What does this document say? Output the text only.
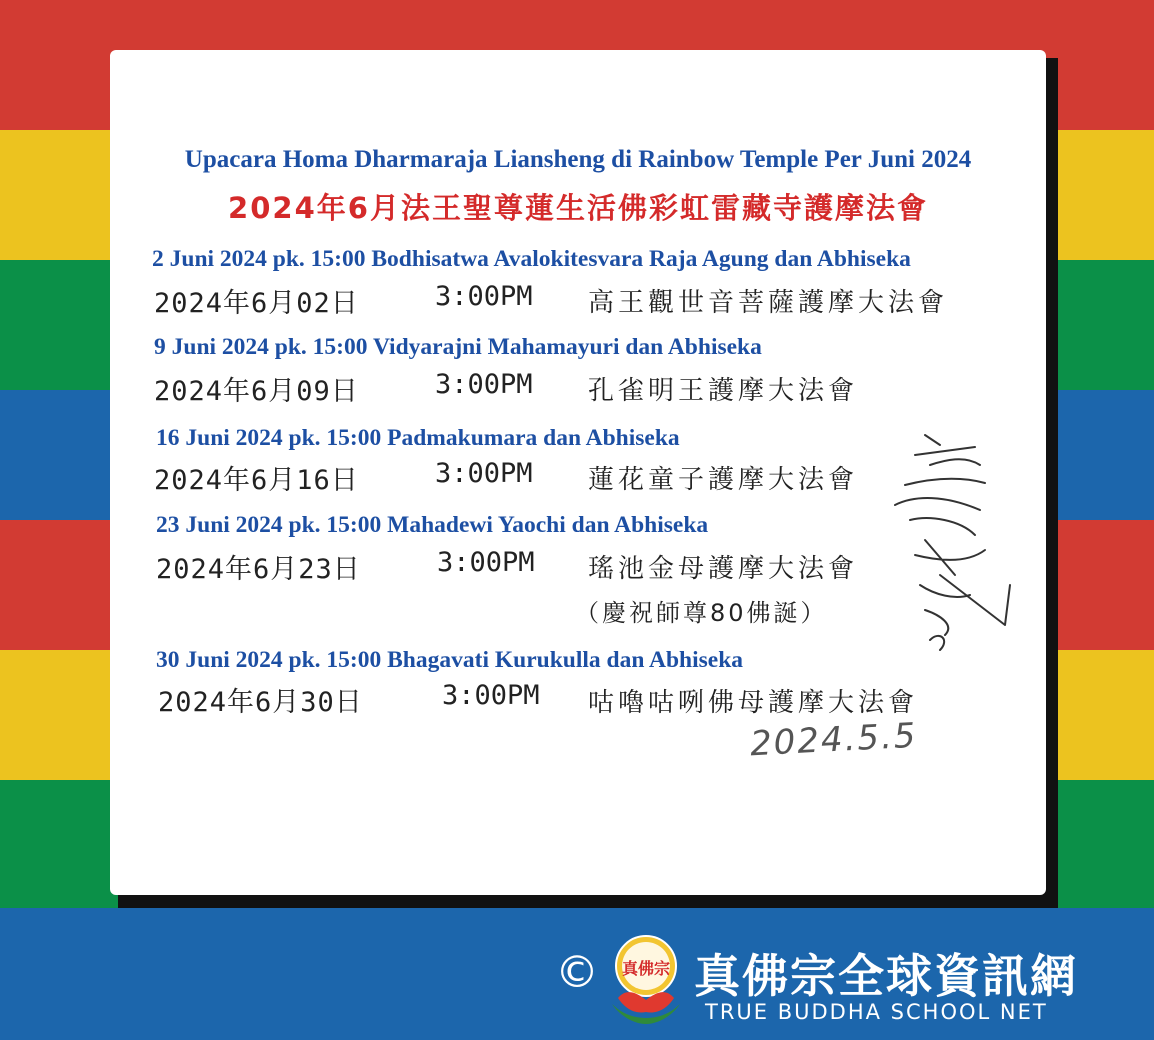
Upacara Homa Dharmaraja Liansheng di Rainbow Temple Per Juni 2024
2024年6月法王聖尊蓮生活佛彩虹雷藏寺護摩法會
2 Juni 2024 pk. 15:00 Bodhisatwa Avalokitesvara Raja Agung dan Abhiseka
2024年6月02日	3:00PM 高王觀世音菩薩護摩大法會
9 Juni 2024 pk. 15:00 Vidyarajni Mahamayuri dan Abhiseka
2024年6月09日	3:00PM 孔雀明王護摩大法會
16 Juni 2024 pk. 15:00 Padmakumara dan Abhiseka
2024年6月16日	3:00PM 蓮花童子護摩大法會
23 Juni 2024 pk. 15:00 Mahadewi Yaochi dan Abhiseka
2024年6月23日	3:00PM 瑤池金母護摩大法會
（慶祝師尊80佛誕）
30 Juni 2024 pk. 15:00 Bhagavati Kurukulla dan Abhiseka
2024年6月30日	3:00PM 咕嚕咕咧佛母護摩大法會
2024.5.5
© 真佛宗 真佛宗全球資訊網
TRUE BUDDHA SCHOOL NET
